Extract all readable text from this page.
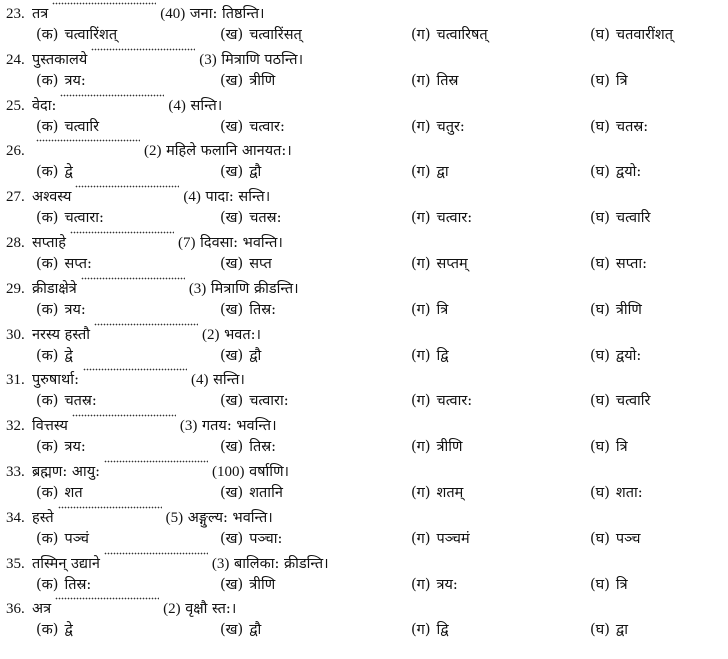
23. तत्र	(40) जना: तिष्ठन्ति।
(क) चत्वारिंशत्	(ख) चत्वारिंसत्	(ग) चत्वारिषत्	(घ) चतवारींशत्
24. पुस्तकालये	(3) मित्राणि पठन्ति।
(क) त्रय:	(ख) त्रीणि	(ग) तिस्र	(घ) त्रि
25. वेदा:	(4) सन्ति।
(क) चत्वारि	(ख) चत्वार:	(ग) चतुर:	(घ) चतस्र:
26.	(2) महिले फलानि आनयत:।
(क) द्वे	(ख) द्वौ	(ग) द्वा	(घ) द्वयो:
27. अश्वस्य	(4) पादा: सन्ति।
(क) चत्वारा:	(ख) चतस्र:	(ग) चत्वार:	(घ) चत्वारि
28. सप्ताहे	(7) दिवसा: भवन्ति।
(क) सप्त:	(ख) सप्त	(ग) सप्तम्	(घ) सप्ता:
29. क्रीडाक्षेत्रे	(3) मित्राणि क्रीडन्ति।
(क) त्रय:	(ख) तिस्र:	(ग) त्रि	(घ) त्रीणि
30. नरस्य हस्तौ	(2) भवत:।
(क) द्वे	(ख) द्वौ	(ग) द्वि	(घ) द्वयो:
31. पुरुषार्था:	(4) सन्ति।
(क) चतस्र:	(ख) चत्वारा:	(ग) चत्वार:	(घ) चत्वारि
32. वित्तस्य	(3) गतय: भवन्ति।
(क) त्रय:	(ख) तिस्र:	(ग) त्रीणि	(घ) त्रि
33. ब्रह्मण: आयु:	(100) वर्षाणि।
(क) शत	(ख) शतानि	(ग) शतम्	(घ) शता:
34. हस्ते	(5) अङ्गुल्य: भवन्ति।
(क) पञ्चं	(ख) पञ्चा:	(ग) पञ्चमं	(घ) पञ्च
35. तस्मिन् उद्याने	(3) बालिका: क्रीडन्ति।
(क) तिस्र:	(ख) त्रीणि	(ग) त्रय:	(घ) त्रि
36. अत्र	(2) वृक्षौ स्त:।
(क) द्वे	(ख) द्वौ	(ग) द्वि	(घ) द्वा
